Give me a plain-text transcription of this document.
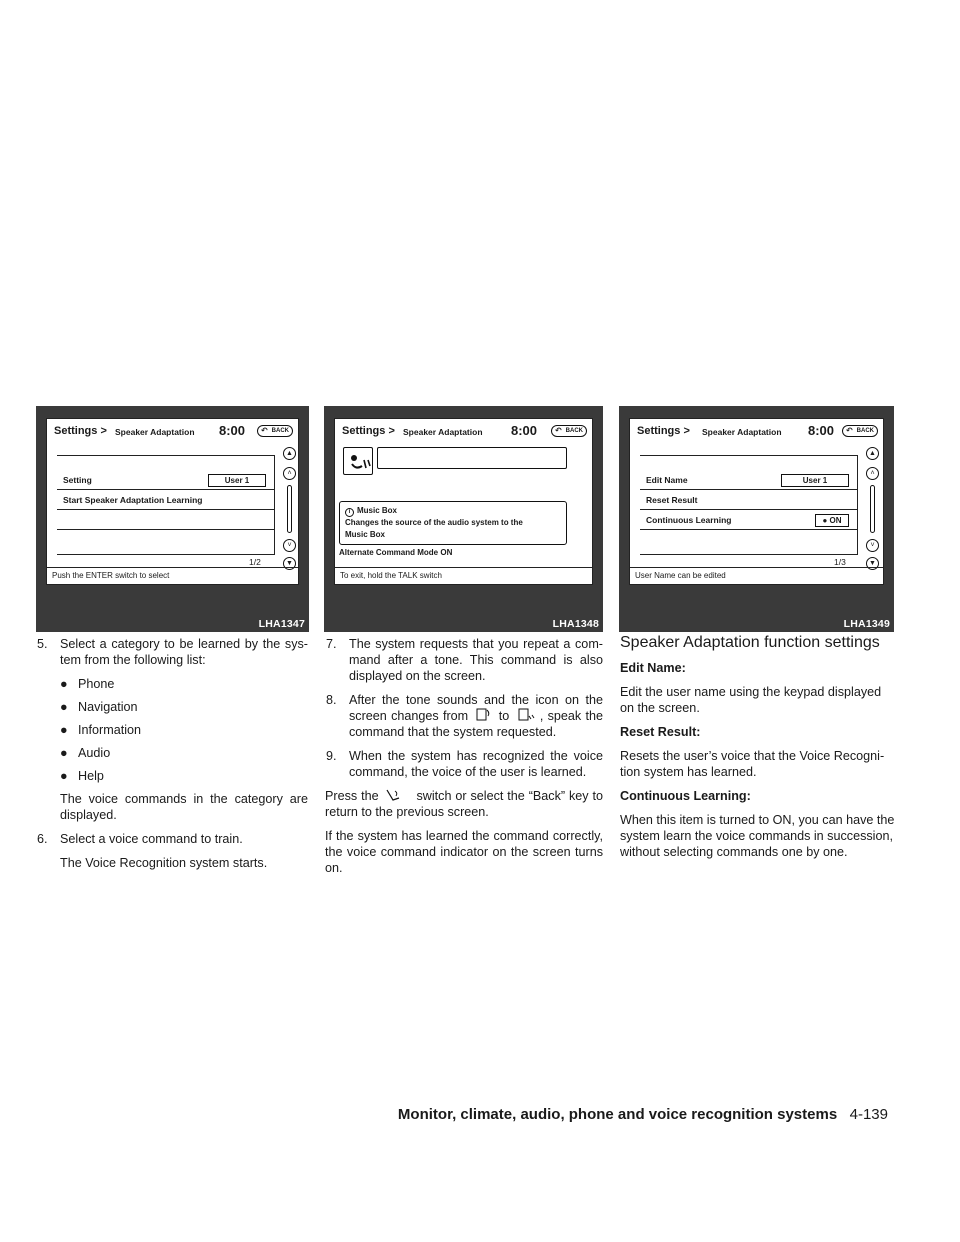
Settings > Speaker Adaptation 8:00 ↶ BACK
Setting	User 1
Start Speaker Adaptation Learning
1/2
▲
˄
˅
▼
Push the ENTER switch to select
LHA1347
Settings > Speaker Adaptation 8:00 ↶ BACK
i Music Box
Changes the source of the audio system to the
Music Box
Alternate Command Mode ON
To exit, hold the TALK switch
LHA1348
Settings > Speaker Adaptation 8:00 ↶ BACK
Edit Name	User 1
Reset Result
Continuous Learning	● ON
1/3
▲
˄
˅
▼
User Name can be edited
LHA1349
5. Select a category to be learned by the sys- tem from the following list:
● Phone
● Navigation
● Information
● Audio
● Help
The voice commands in the category are displayed.
6. Select a voice command to train.
The Voice Recognition system starts.
7. The system requests that you repeat a com- mand after a tone. This command is also displayed on the screen.
8. After the tone sounds and the icon on the screen changes from to , speak the command that the system requested.
9. When the system has recognized the voice command, the voice of the user is learned.
Press the	switch or select the “Back” key to return to the previous screen.
If the system has learned the command correctly, the voice command indicator on the screen turns on.
Speaker Adaptation function settings
Edit Name:
Edit the user name using the keypad displayed on the screen.
Reset Result:
Resets the user’s voice that the Voice Recogni- tion system has learned.
Continuous Learning:
When this item is turned to ON, you can have the system learn the voice commands in succession, without selecting commands one by one.
Monitor, climate, audio, phone and voice recognition systems 4-139
